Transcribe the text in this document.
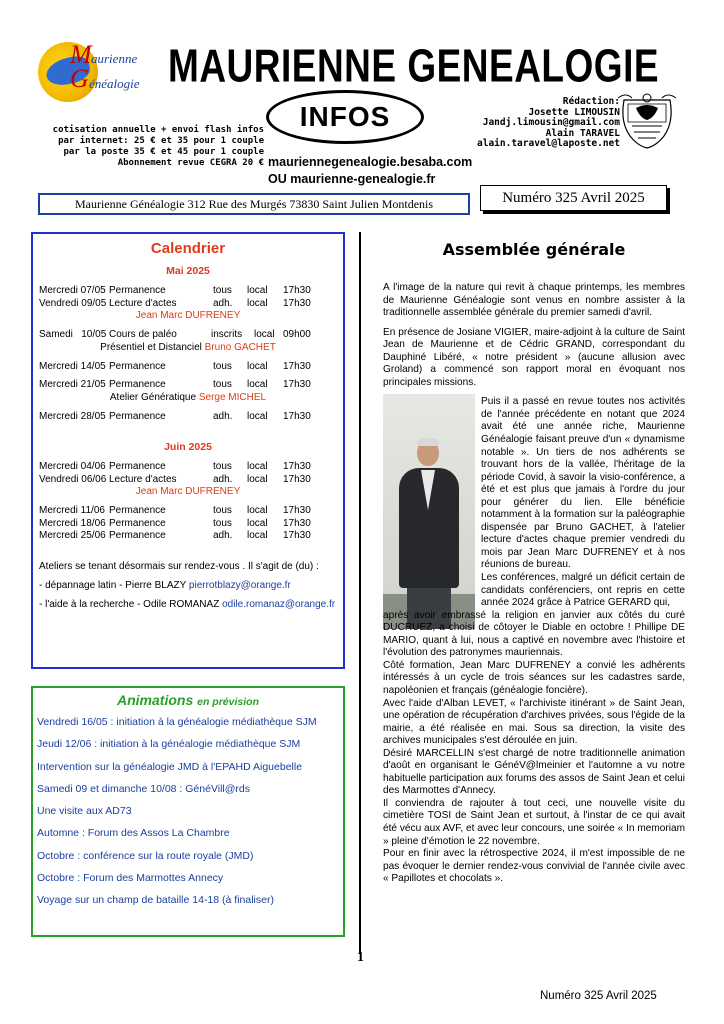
M aurienne
G énéalogie MAURIENNE GENEALOGIE
INFOS
cotisation annuelle + envoi flash infos
par internet: 25 € et 35 pour 1 couple
par la poste 35 € et 45 pour 1 couple
Abonnement revue CEGRA 20 €
Rédaction:
Josette LIMOUSIN
Jandj.limousin@gmail.com
Alain TARAVEL
alain.taravel@laposte.net
mauriennegenealogie.besaba.com
OU maurienne-genealogie.fr
Maurienne Généalogie 312 Rue des Murgés 73830 Saint Julien Montdenis	Numéro 325 Avril 2025
Calendrier
Mai 2025
Mercredi 07/05 Permanence	tous local 17h30
Vendredi 09/05 Lecture d'actes	adh. local 17h30
Jean Marc DUFRENEY
Samedi   10/05 Cours de paléo	inscrits local 09h00
Présentiel et Distanciel Bruno GACHET
Mercredi 14/05 Permanence	tous local 17h30
Mercredi 21/05 Permanence	tous local 17h30
Atelier Génératique Serge MICHEL
Mercredi 28/05 Permanence	adh. local 17h30
Juin 2025
Mercredi 04/06 Permanence	tous local 17h30
Vendredi 06/06 Lecture d'actes	adh. local 17h30
Jean Marc DUFRENEY
Mercredi 11/06 Permanence	tous local 17h30
Mercredi 18/06 Permanence	tous local 17h30
Mercredi 25/06 Permanence	adh. local 17h30
Ateliers se tenant désormais sur rendez-vous . Il s'agit de (du) :
- dépannage latin - Pierre BLAZY pierrotblazy@orange.fr
- l'aide à la recherche - Odile ROMANAZ odile.romanaz@orange.fr
Animations en prévision
Vendredi 16/05 : initiation à la généalogie médiathèque SJM
Jeudi 12/06 : initiation à la généalogie médiathèque SJM
Intervention sur la généalogie JMD à l'EPAHD Aiguebelle
Samedi 09 et dimanche 10/08 : GénéVill@rds
Une visite aux AD73
Automne : Forum des Assos La Chambre
Octobre : conférence sur la route royale (JMD)
Octobre : Forum des Marmottes Annecy
Voyage sur un champ de bataille 14-18 (à finaliser)
Assemblée générale

A l'image de la nature qui revit à chaque printemps, les membres de Maurienne Généalogie sont venus en nombre assister à la traditionnelle assemblée générale du premier samedi d'avril.

En présence de Josiane VIGIER, maire-adjoint à la culture de Saint Jean de Maurienne et de Cédric GRAND, correspondant du Dauphiné Libéré, « notre président » (aucune allusion avec Groland) a commencé son rapport moral en évoquant nos principales missions.

Puis il a passé en revue toutes nos activités de l'année précédente en notant que 2024 avait été une année riche, Maurienne Généalogie faisant preuve d'un « dynamisme notable ». Un tiers de nos adhérents se trouvant hors de la vallée, l'héritage de la période Covid, à savoir la visio-conférence, a été et est plus que jamais à l'ordre du jour pour générer du lien. Elle bénéficie notamment à la formation sur la paléographie dispensée par Bruno GACHET, à l'atelier lecture d'actes chaque premier vendredi du mois par Jean Marc DUFRENEY et à nos réunions de bureau.

Les conférences, malgré un déficit certain de candidats conférenciers, ont repris en cette année 2024 grâce à Patrice GERARD qui,

après avoir embrassé la religion en janvier aux côtés du curé DUCRUEZ, a choisi de côtoyer le Diable en octobre ! Phillipe DE MARIO, quant à lui, nous a captivé en novembre avec l'histoire et l'évolution des patronymes mauriennais.

Côté formation, Jean Marc DUFRENEY a convié les adhérents intéressés à un cycle de trois séances sur les cadastres sarde, napoléonien et français (généalogie foncière).

Avec l'aide d'Alban LEVET, « l'archiviste itinérant » de Saint Jean, une opération de récupération d'archives privées, sous l'égide de la mairie, a été réalisée en mai. Sous sa direction, la visite des archives municipales s'est déroulée en juin.

Désiré MARCELLIN s'est chargé de notre traditionnelle animation d'août en organisant le GénéV@lmeinier et l'automne a vu notre habituelle participation aux forums des assos de Saint Jean et celui des Marmottes d'Annecy.

Il conviendra de rajouter à tout ceci, une nouvelle visite du cimetière TOSI de Saint Jean et surtout, à l'instar de ce qui avait été vécu aux AVF, et avec leur concours, une soirée « In memoriam » pleine d'émotion le 22 novembre.

Pour en finir avec la rétrospective 2024, il m'est impossible de ne pas évoquer le dernier rendez-vous convivial de l'année civile avec « Papillotes et chocolats ».

1
Numéro 325 Avril 2025
